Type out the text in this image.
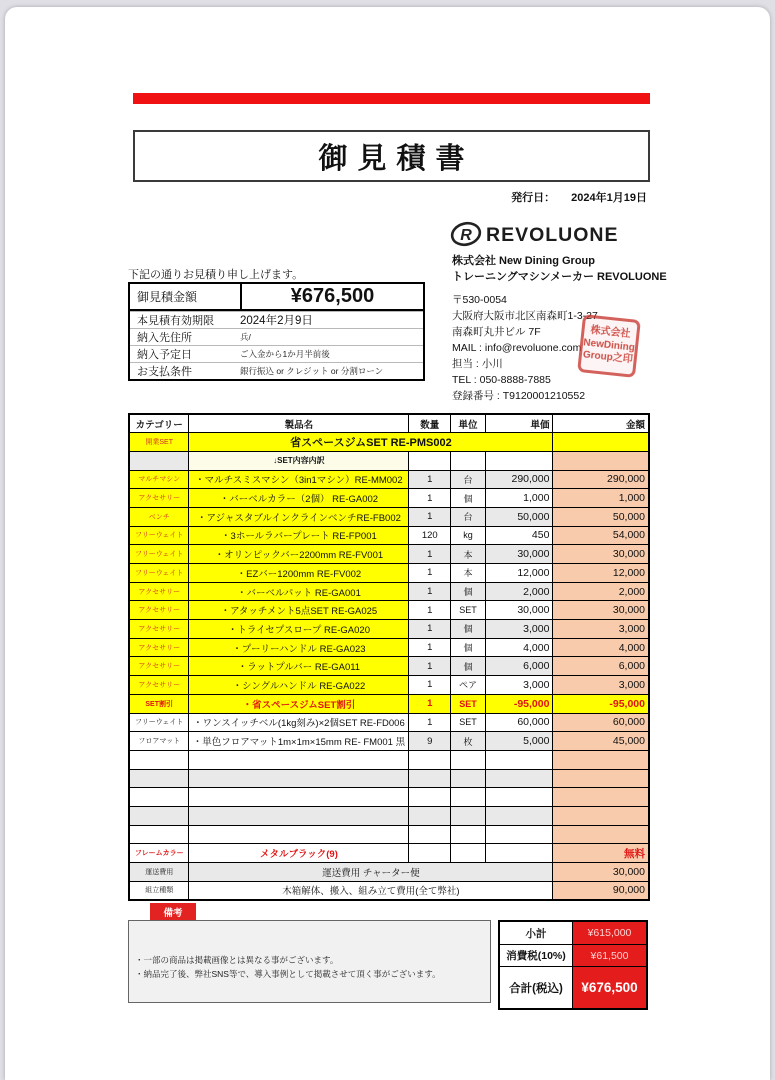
御見積書
発行日： 2024年1月19日
R REVOLUONE
株式会社 New Dining Group
トレーニングマシンメーカー REVOLUONE
〒530-0054
大阪府大阪市北区南森町1-3-27
南森町丸井ビル 7F
MAIL : info@revoluone.com
担当 : 小川
TEL : 050-8888-7885
登録番号 : T9120001210552
株式会社
NewDining
Group之印
下記の通りお見積り申し上げます。
御見積金額	¥676,500
本見積有効期限	2024年2月9日
納入先住所	兵/
納入予定日	ご入金から1か月半前後
お支払条件	銀行振込 or クレジット or 分割ローン
カテゴリー	製品名	数量	単位	単価	金額
開業SET	省スペースジムSET RE-PMS002				
	↓SET内容内訳				
マルチマシン	・マルチスミスマシン（3in1マシン）RE-MM002	1	台	290,000	290,000
アクセサリー	・バーベルカラー（2個） RE-GA002	1	個	1,000	1,000
ベンチ	・アジャスタブルインクラインベンチRE-FB002	1	台	50,000	50,000
フリーウェイト	・3ホールラバープレート RE-FP001	120	kg	450	54,000
フリーウェイト	・オリンピックバー2200mm RE-FV001	1	本	30,000	30,000
フリーウェイト	・EZバー1200mm RE-FV002	1	本	12,000	12,000
アクセサリー	・バーベルパット RE-GA001	1	個	2,000	2,000
アクセサリー	・アタッチメント5点SET RE-GA025	1	SET	30,000	30,000
アクセサリー	・トライセプスロープ RE-GA020	1	個	3,000	3,000
アクセサリー	・プーリーハンドル RE-GA023	1	個	4,000	4,000
アクセサリー	・ラットプルバー RE-GA011	1	個	6,000	6,000
アクセサリー	・シングルハンドル RE-GA022	1	ペア	3,000	3,000
SET割引	・省スペースジムSET割引	1	SET	-95,000	-95,000
フリーウェイト	・ワンスイッチベル(1kg刻み)×2個SET RE-FD006	1	SET	60,000	60,000
フロアマット	・単色フロアマット1m×1m×15mm RE- FM001 黒	9	枚	5,000	45,000

フレームカラー	メタルブラック(9)				無料
運送費用	運送費用 チャーター便				30,000
組立種類	木箱解体、搬入、組み立て費用(全て弊社)				90,000
備考
・一部の商品は掲載画像とは異なる事がございます。
・納品完了後、弊社SNS等で、導入事例として掲載させて頂く事がございます。
小計	¥615,000
消費税(10%)	¥61,500
合計(税込)	¥676,500
